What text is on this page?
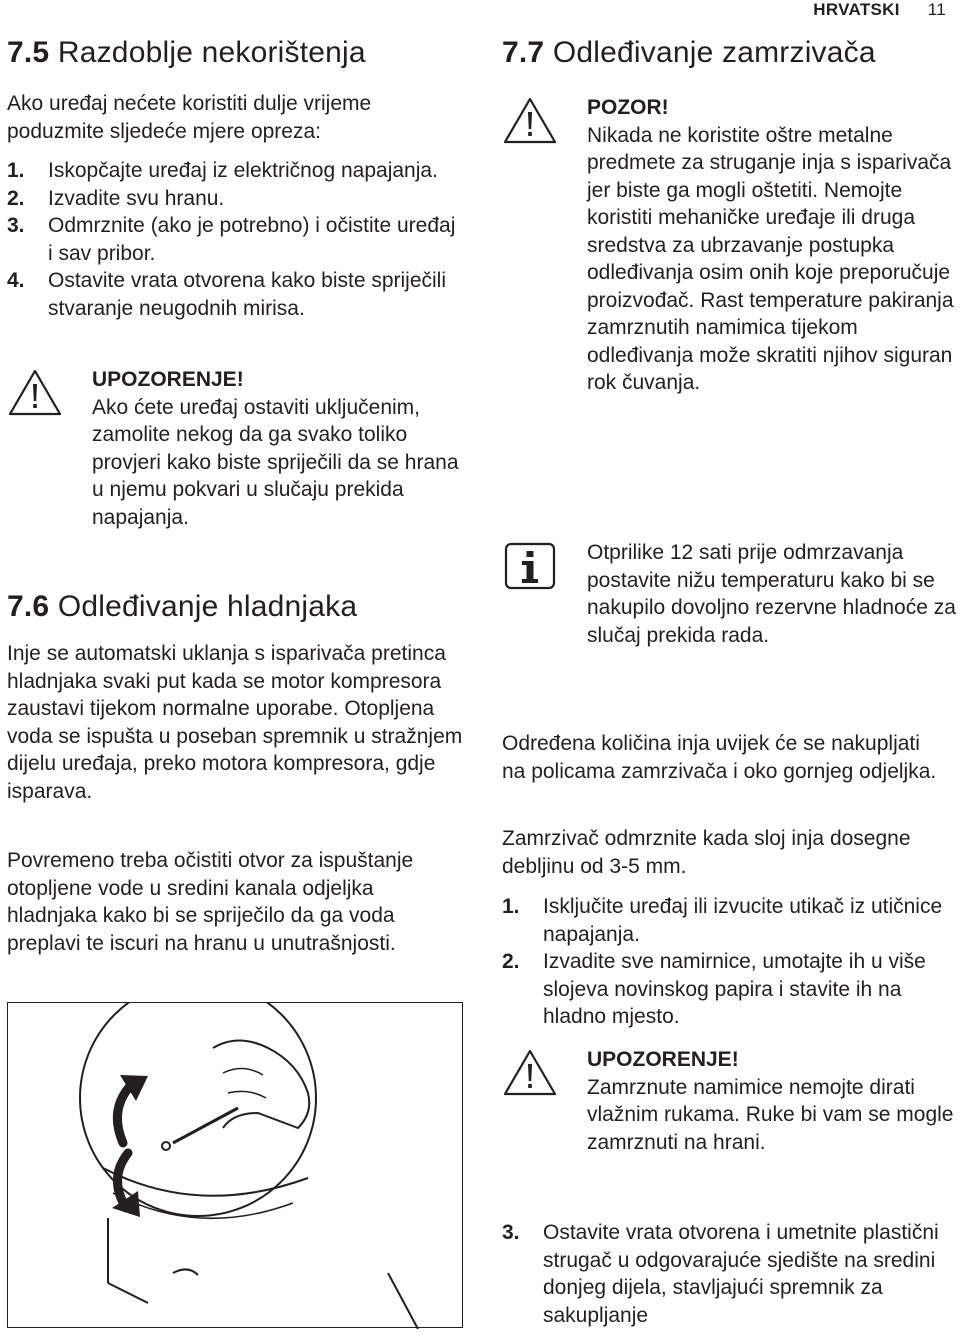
HRVATSKI 11
7.5 Razdoblje nekorištenja

Ako uređaj nećete koristiti dulje vrijeme poduzmite sljedeće mjere opreza:

1. Iskopčajte uređaj iz električnog napajanja.
2. Izvadite svu hranu.
3. Odmrznite (ako je potrebno) i očistite uređaj i sav pribor.
4. Ostavite vrata otvorena kako biste spriječili stvaranje neugodnih mirisa.
UPOZORENJE!

Ako ćete uređaj ostaviti uključenim, zamolite nekog da ga svako toliko provjeri kako biste spriječili da se hrana u njemu pokvari u slučaju prekida napajanja.

7.6 Odleđivanje hladnjaka

Inje se automatski uklanja s isparivača pretinca hladnjaka svaki put kada se motor kompresora zaustavi tijekom normalne uporabe. Otopljena voda se ispušta u poseban spremnik u stražnjem dijelu uređaja, preko motora kompresora, gdje isparava.

Povremeno treba očistiti otvor za ispuštanje otopljene vode u sredini kanala odjeljka hladnjaka kako bi se spriječilo da ga voda preplavi te iscuri na hranu u unutrašnjosti.

7.7 Odleđivanje zamrzivača
POZOR!

Nikada ne koristite oštre metalne predmete za struganje inja s isparivača jer biste ga mogli oštetiti. Nemojte koristiti mehaničke uređaje ili druga sredstva za ubrzavanje postupka odleđivanja osim onih koje preporučuje proizvođač. Rast temperature pakiranja zamrznutih namimica tijekom odleđivanja može skratiti njihov siguran rok čuvanja.

Otprilike 12 sati prije odmrzavanja postavite nižu temperaturu kako bi se nakupilo dovoljno rezervne hladnoće za slučaj prekida rada.

Određena količina inja uvijek će se nakupljati na policama zamrzivača i oko gornjeg odjeljka.

Zamrzivač odmrznite kada sloj inja dosegne debljinu od 3-5 mm.

1. Isključite uređaj ili izvucite utikač iz utičnice napajanja.
2. Izvadite sve namirnice, umotajte ih u više slojeva novinskog papira i stavite ih na hladno mjesto.
UPOZORENJE!

Zamrznute namimice nemojte dirati vlažnim rukama. Ruke bi vam se mogle zamrznuti na hrani.

3. Ostavite vrata otvorena i umetnite plastični strugač u odgovarajuće sjedište na sredini donjeg dijela, stavljajući spremnik za sakupljanje
